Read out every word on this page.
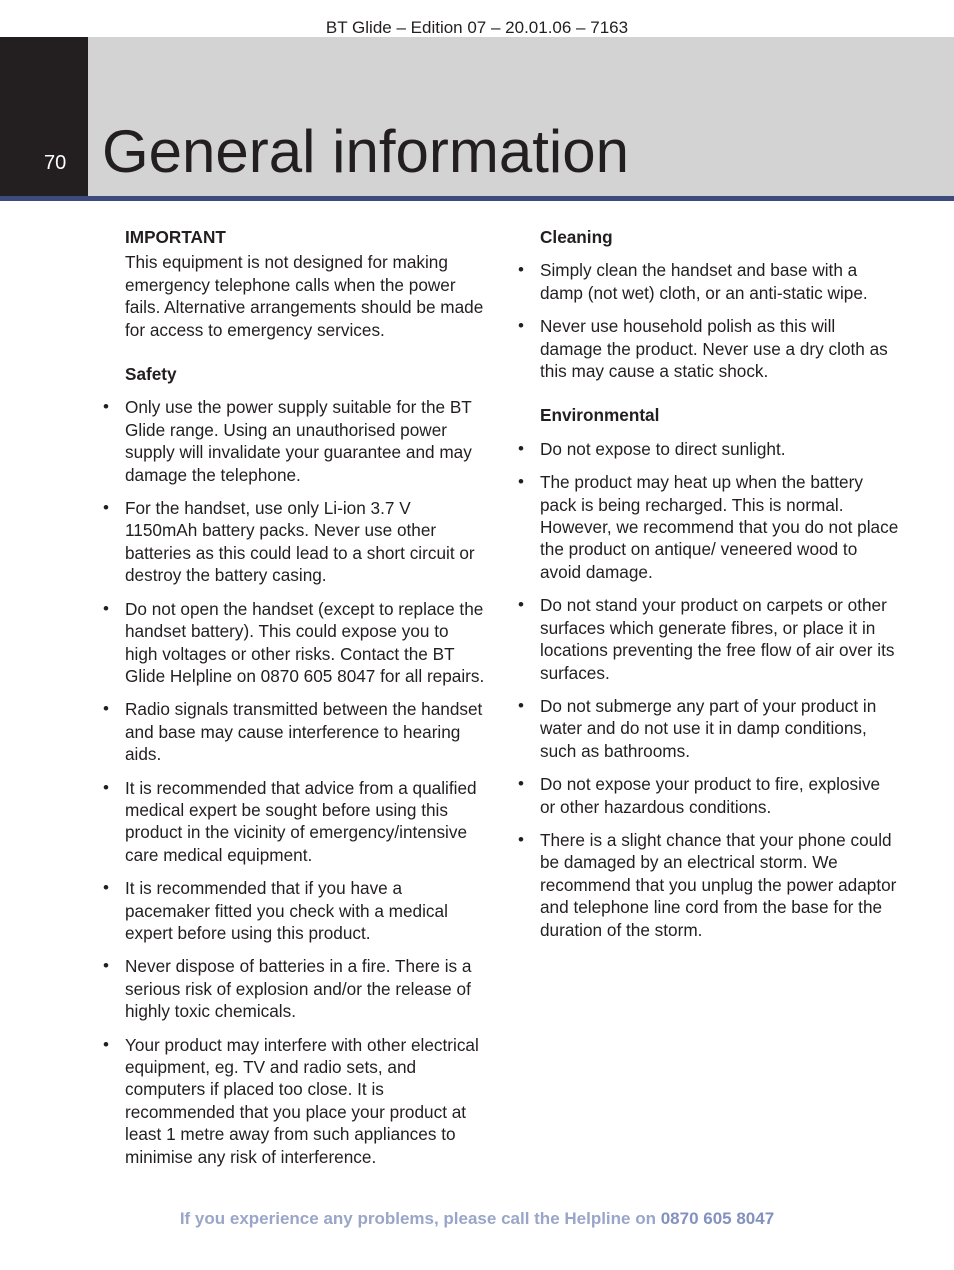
BT Glide – Edition 07 – 20.01.06 – 7163
70 General information
IMPORTANT

This equipment is not designed for making emergency telephone calls when the power fails. Alternative arrangements should be made for access to emergency services.

Safety
• Only use the power supply suitable for the BT Glide range. Using an unauthorised power supply will invalidate your guarantee and may damage the telephone.
• For the handset, use only Li-ion 3.7 V 1150mAh battery packs. Never use other batteries as this could lead to a short circuit or destroy the battery casing.
• Do not open the handset (except to replace the handset battery). This could expose you to high voltages or other risks. Contact the BT Glide Helpline on 0870 605 8047 for all repairs.
• Radio signals transmitted between the handset and base may cause interference to hearing aids.
• It is recommended that advice from a qualified medical expert be sought before using this product in the vicinity of emergency/intensive care medical equipment.
• It is recommended that if you have a pacemaker fitted you check with a medical expert before using this product.
• Never dispose of batteries in a fire. There is a serious risk of explosion and/or the release of highly toxic chemicals.
• Your product may interfere with other electrical equipment, eg. TV and radio sets, and computers if placed too close. It is recommended that you place your product at least 1 metre away from such appliances to minimise any risk of interference.
Cleaning
• Simply clean the handset and base with a damp (not wet) cloth, or an anti-static wipe.
• Never use household polish as this will damage the product. Never use a dry cloth as this may cause a static shock.
Environmental
• Do not expose to direct sunlight.
• The product may heat up when the battery pack is being recharged. This is normal. However, we recommend that you do not place the product on antique/ veneered wood to avoid damage.
• Do not stand your product on carpets or other surfaces which generate fibres, or place it in locations preventing the free flow of air over its surfaces.
• Do not submerge any part of your product in water and do not use it in damp conditions, such as bathrooms.
• Do not expose your product to fire, explosive or other hazardous conditions.
• There is a slight chance that your phone could be damaged by an electrical storm. We recommend that you unplug the power adaptor and telephone line cord from the base for the duration of the storm.
If you experience any problems, please call the Helpline on 0870 605 8047
